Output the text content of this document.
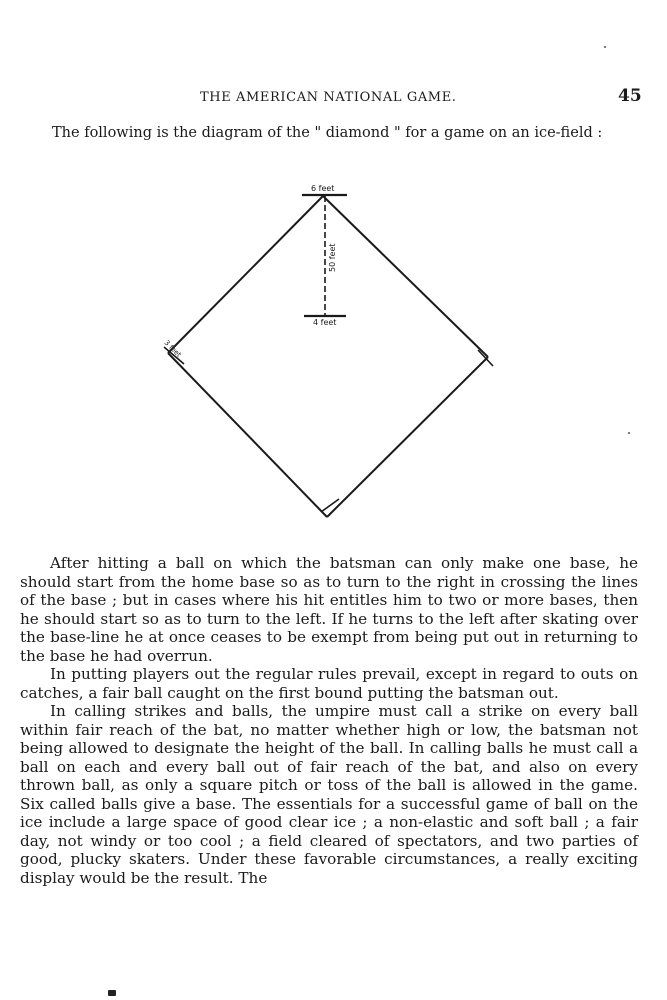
THE AMERICAN NATIONAL GAME.	45
The following is the diagram of the " diamond " for a game on an ice-field :
6 feet
50 feet
4 feet
3 feet

After hitting a ball on which the batsman can only make one base, he should start from the home base so as to turn to the right in crossing the lines of the base ; but in cases where his hit entitles him to two or more bases, then he should start so as to turn to the left. If he turns to the left after skating over the base-line he at once ceases to be exempt from being put out in returning to the base he had overrun.

In putting players out the regular rules prevail, except in regard to outs on catches, a fair ball caught on the first bound putting the batsman out.

In calling strikes and balls, the umpire must call a strike on every ball within fair reach of the bat, no matter whether high or low, the batsman not being allowed to designate the height of the ball. In calling balls he must call a ball on each and every ball out of fair reach of the bat, and also on every thrown ball, as only a square pitch or toss of the ball is allowed in the game. Six called balls give a base. The essentials for a successful game of ball on the ice include a large space of good clear ice ; a non-elastic and soft ball ; a fair day, not windy or too cool ; a field cleared of spectators, and two parties of good, plucky skaters. Under these favorable circumstances, a really exciting display would be the result. The
